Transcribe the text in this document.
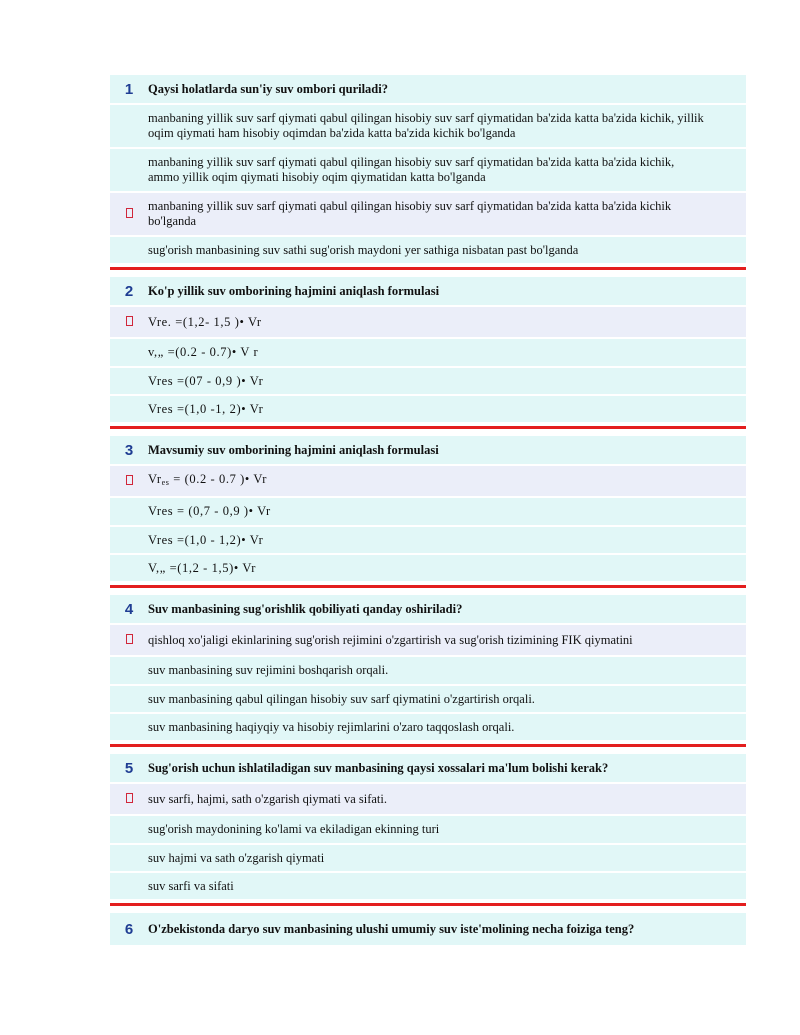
1	Qaysi holatlarda sun'iy suv ombori quriladi?
manbaning yillik suv sarf qiymati qabul qilingan hisobiy suv sarf qiymatidan ba'zida katta ba'zida kichik, yillik oqim qiymati ham hisobiy oqimdan ba'zida katta ba'zida kichik bo'lganda
manbaning yillik suv sarf qiymati qabul qilingan hisobiy suv sarf qiymatidan ba'zida katta ba'zida kichik, ammo yillik oqim qiymati hisobiy oqim qiymatidan katta bo'lganda
manbaning yillik suv sarf qiymati qabul qilingan hisobiy suv sarf qiymatidan ba'zida katta ba'zida kichik bo'lganda
sug'orish manbasining suv sathi sug'orish maydoni yer sathiga nisbatan past bo'lganda
2	Ko'p yillik suv omborining hajmini aniqlash formulasi
Vre. =(1,2- 1,5 )• Vr
v,„ =(0.2 - 0.7)• V r
Vres =(07 - 0,9 )• Vr
Vres =(1,0 -1, 2)• Vr
3	Mavsumiy suv omborining hajmini aniqlash formulasi
$Vr_{es} = (0.2 - 0.7$ )• Vr
Vres = (0,7 - 0,9 )• Vr
Vres =(1,0 - 1,2)• Vr
V,„ =(1,2 - 1,5)• Vr
4	Suv manbasining sug'orishlik qobiliyati qanday oshiriladi?
qishloq xo'jaligi ekinlarining sug'orish rejimini o'zgartirish va sug'orish tizimining FIK qiymatini
suv manbasining suv rejimini boshqarish orqali.
suv manbasining qabul qilingan hisobiy suv sarf qiymatini o'zgartirish orqali.
suv manbasining haqiyqiy va hisobiy rejimlarini o'zaro taqqoslash orqali.
5	Sug'orish uchun ishlatiladigan suv manbasining qaysi xossalari ma'lum bolishi kerak?
suv sarfi, hajmi, sath o'zgarish qiymati va sifati.
sug'orish maydonining ko'lami va ekiladigan ekinning turi
suv hajmi va sath o'zgarish qiymati
suv sarfi va sifati
6	O'zbekistonda daryo suv manbasining ulushi umumiy suv iste'molining necha foiziga teng?
